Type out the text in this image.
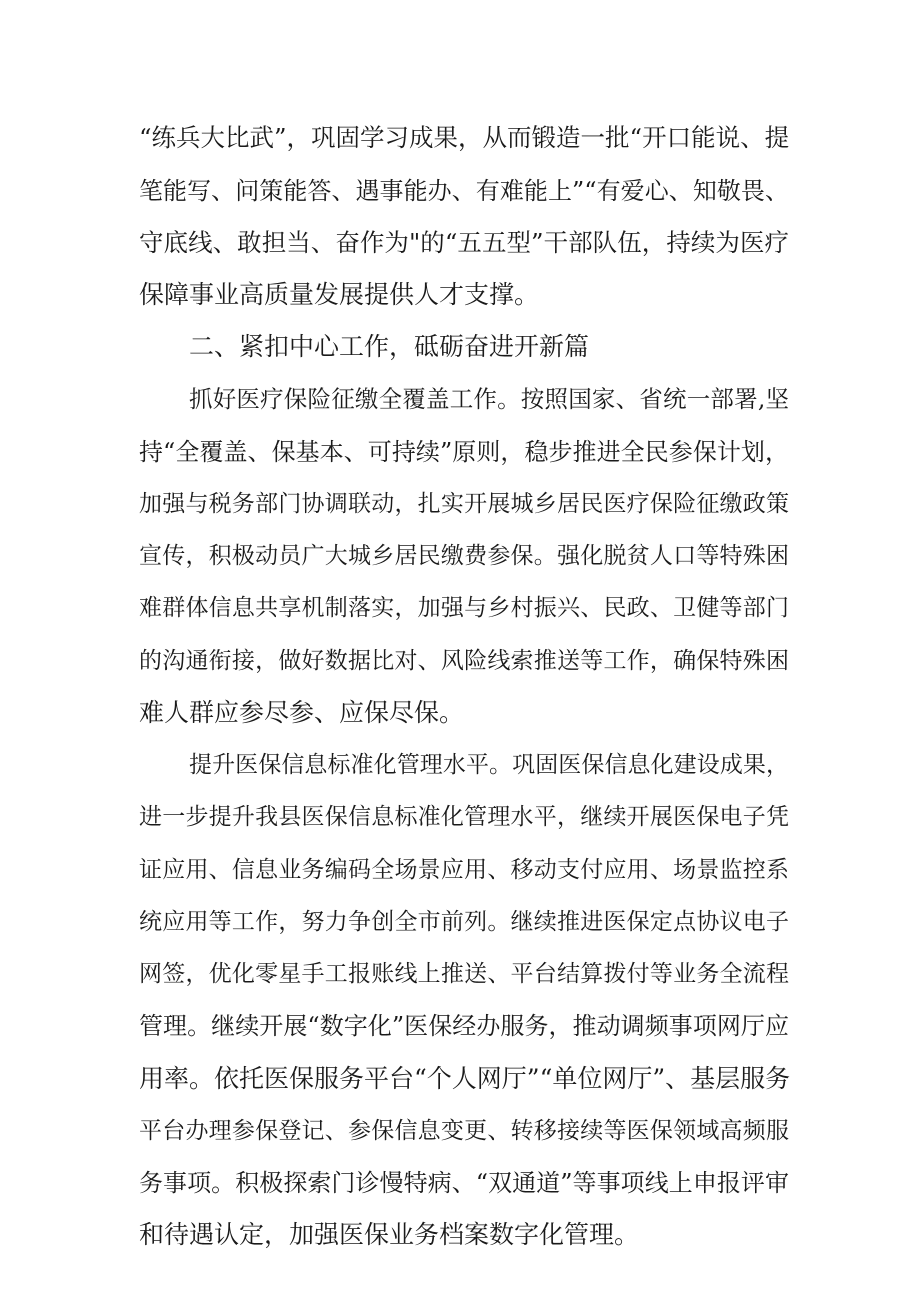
“练兵大比武”，巩固学习成果，从而锻造一批“开口能说、提
笔能写、问策能答、遇事能办、有难能上”“有爱心、知敬畏、
守底线、敢担当、奋作为"的“五五型”干部队伍，持续为医疗
保障事业高质量发展提供人才支撑。
二、紧扣中心工作，砥砺奋进开新篇
抓好医疗保险征缴全覆盖工作。按照国家、省统一部署,坚
持“全覆盖、保基本、可持续”原则，稳步推进全民参保计划，
加强与税务部门协调联动，扎实开展城乡居民医疗保险征缴政策
宣传，积极动员广大城乡居民缴费参保。强化脱贫人口等特殊困
难群体信息共享机制落实，加强与乡村振兴、民政、卫健等部门
的沟通衔接，做好数据比对、风险线索推送等工作，确保特殊困
难人群应参尽参、应保尽保。
提升医保信息标准化管理水平。巩固医保信息化建设成果，
进一步提升我县医保信息标准化管理水平，继续开展医保电子凭
证应用、信息业务编码全场景应用、移动支付应用、场景监控系
统应用等工作，努力争创全市前列。继续推进医保定点协议电子
网签，优化零星手工报账线上推送、平台结算拨付等业务全流程
管理。继续开展“数字化”医保经办服务，推动调频事项网厅应
用率。依托医保服务平台“个人网厅”“单位网厅”、基层服务
平台办理参保登记、参保信息变更、转移接续等医保领域高频服
务事项。积极探索门诊慢特病、“双通道”等事项线上申报评审
和待遇认定，加强医保业务档案数字化管理。
